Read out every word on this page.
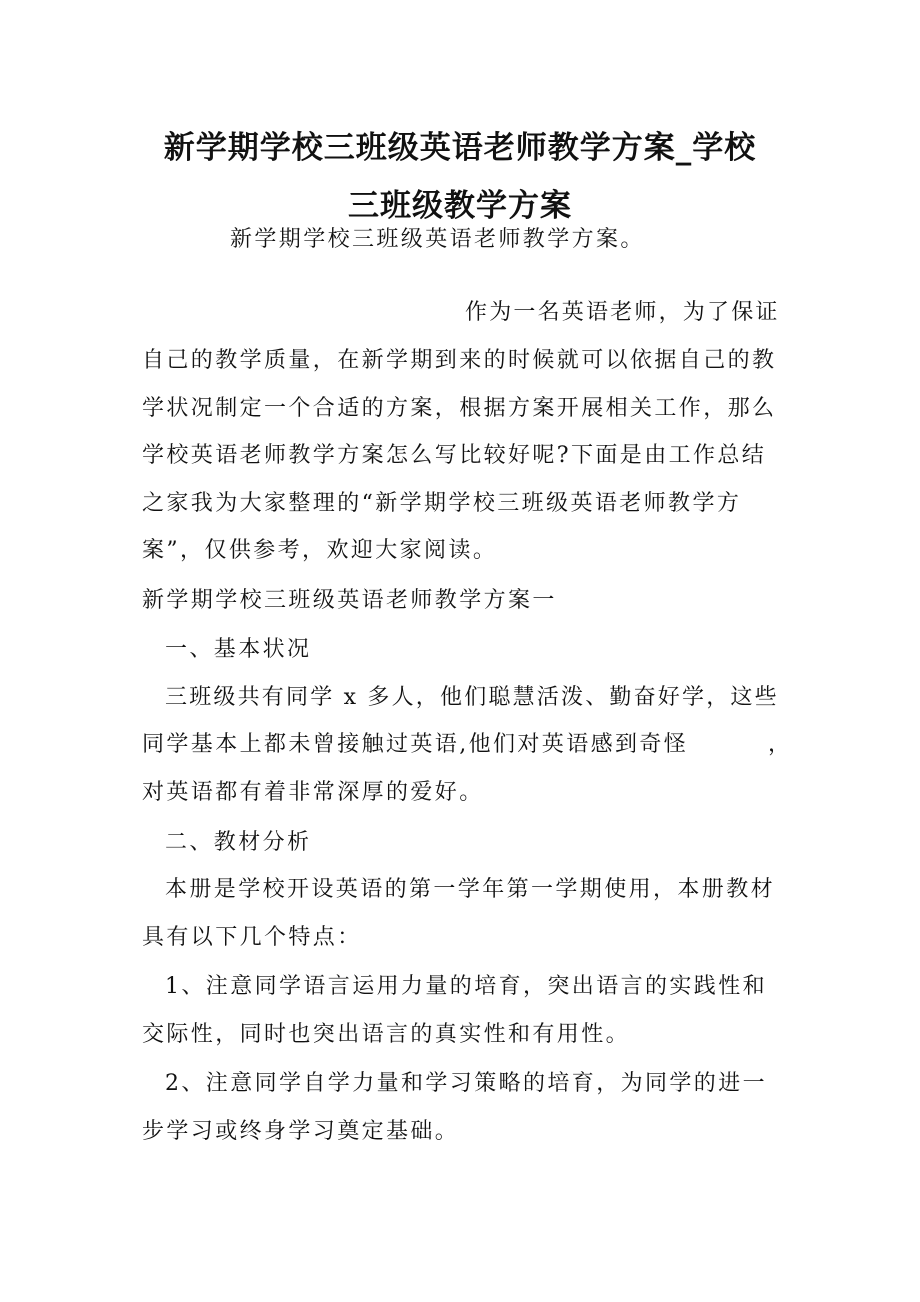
新学期学校三班级英语老师教学方案_学校
三班级教学方案
新学期学校三班级英语老师教学方案。
作为一名英语老师，为了保证
自己的教学质量，在新学期到来的时候就可以依据自己的教
学状况制定一个合适的方案，根据方案开展相关工作，那么
学校英语老师教学方案怎么写比较好呢?下面是由工作总结
之家我为大家整理的“新学期学校三班级英语老师教学方
案”，仅供参考，欢迎大家阅读。
新学期学校三班级英语老师教学方案一
一、基本状况
三班级共有同学 x 多人，他们聪慧活泼、勤奋好学，这些
同学基本上都未曾接触过英语,他们对英语感到奇怪	，
对英语都有着非常深厚的爱好。
二、教材分析
本册是学校开设英语的第一学年第一学期使用，本册教材
具有以下几个特点：
1、注意同学语言运用力量的培育，突出语言的实践性和
交际性，同时也突出语言的真实性和有用性。
2、注意同学自学力量和学习策略的培育，为同学的进一
步学习或终身学习奠定基础。
